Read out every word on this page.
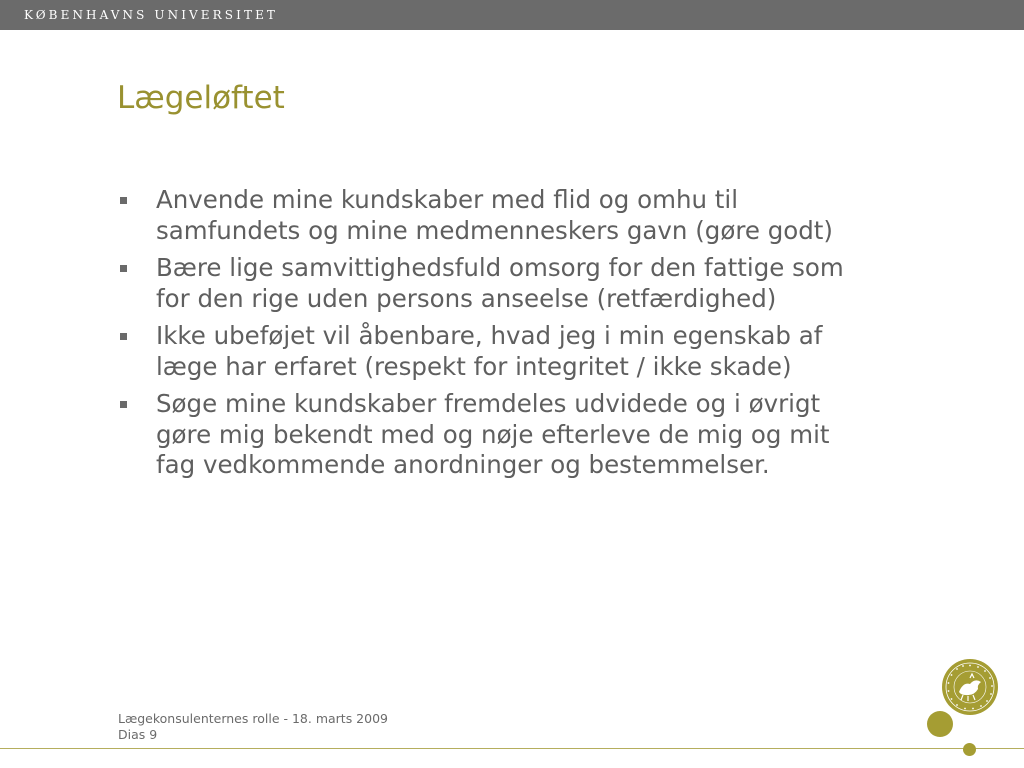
KØBENHAVNS UNIVERSITET
Lægeløftet
Anvende mine kundskaber med flid og omhu til samfundets og mine medmenneskers gavn (gøre godt)
Bære lige samvittighedsfuld omsorg for den fattige som for den rige uden persons anseelse (retfærdighed)
Ikke ubeføjet vil åbenbare, hvad jeg i min egenskab af læge har erfaret (respekt for integritet / ikke skade)
Søge mine kundskaber fremdeles udvidede og i øvrigt gøre mig bekendt med og nøje efterleve de mig og mit fag vedkommende anordninger og bestemmelser.
Lægekonsulenternes rolle - 18. marts 2009
Dias 9
